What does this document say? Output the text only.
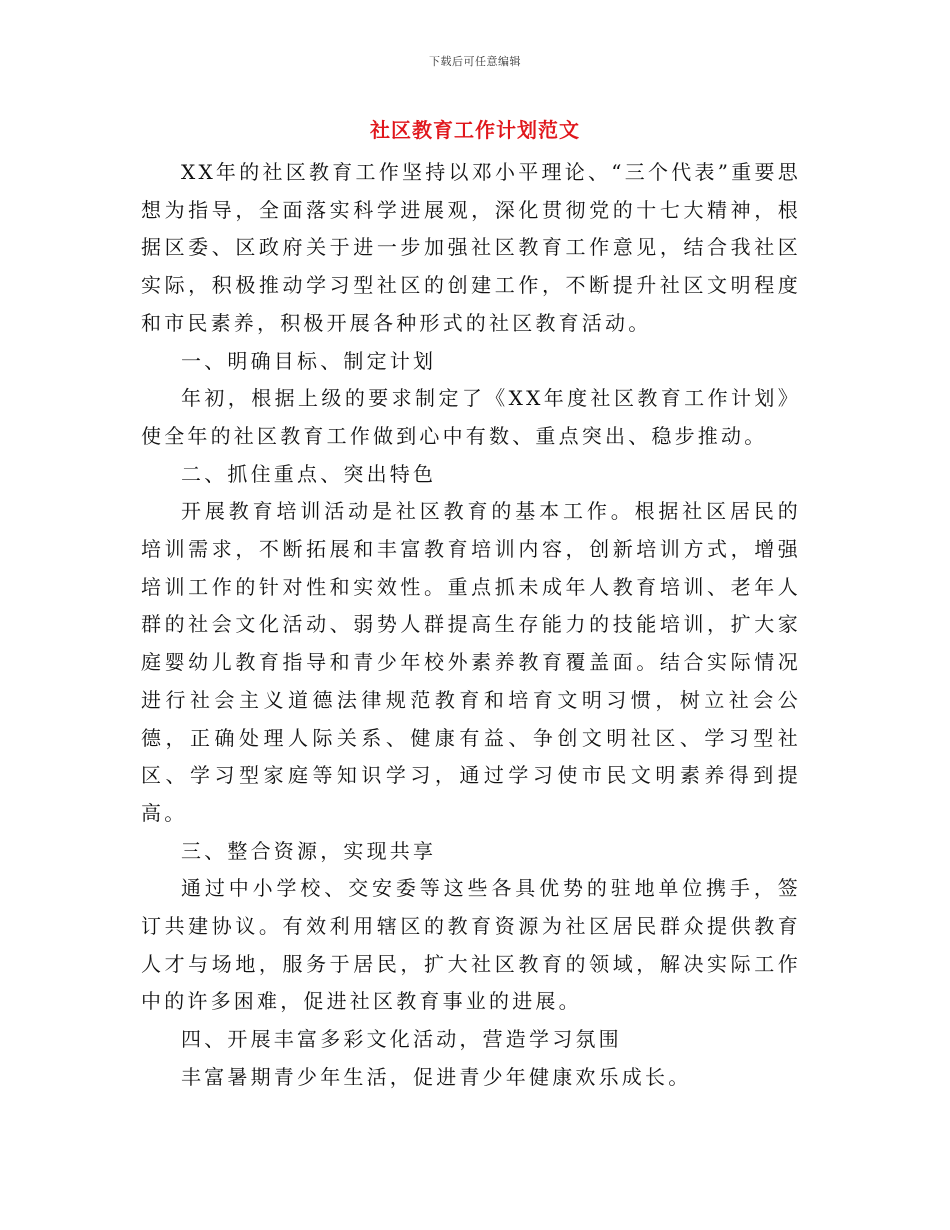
下载后可任意编辑
社区教育工作计划范文

XX年的社区教育工作坚持以邓小平理论、“三个代表”重要思想为指导，全面落实科学进展观，深化贯彻党的十七大精神，根据区委、区政府关于进一步加强社区教育工作意见，结合我社区实际，积极推动学习型社区的创建工作，不断提升社区文明程度和市民素养，积极开展各种形式的社区教育活动。

一、明确目标、制定计划

年初，根据上级的要求制定了《XX年度社区教育工作计划》使全年的社区教育工作做到心中有数、重点突出、稳步推动。

二、抓住重点、突出特色

开展教育培训活动是社区教育的基本工作。根据社区居民的培训需求，不断拓展和丰富教育培训内容，创新培训方式，增强培训工作的针对性和实效性。重点抓未成年人教育培训、老年人群的社会文化活动、弱势人群提高生存能力的技能培训，扩大家庭婴幼儿教育指导和青少年校外素养教育覆盖面。结合实际情况进行社会主义道德法律规范教育和培育文明习惯，树立社会公德，正确处理人际关系、健康有益、争创文明社区、学习型社区、学习型家庭等知识学习，通过学习使市民文明素养得到提高。

三、整合资源，实现共享

通过中小学校、交安委等这些各具优势的驻地单位携手，签订共建协议。有效利用辖区的教育资源为社区居民群众提供教育人才与场地，服务于居民，扩大社区教育的领域，解决实际工作中的许多困难，促进社区教育事业的进展。

四、开展丰富多彩文化活动，营造学习氛围

丰富暑期青少年生活，促进青少年健康欢乐成长。
